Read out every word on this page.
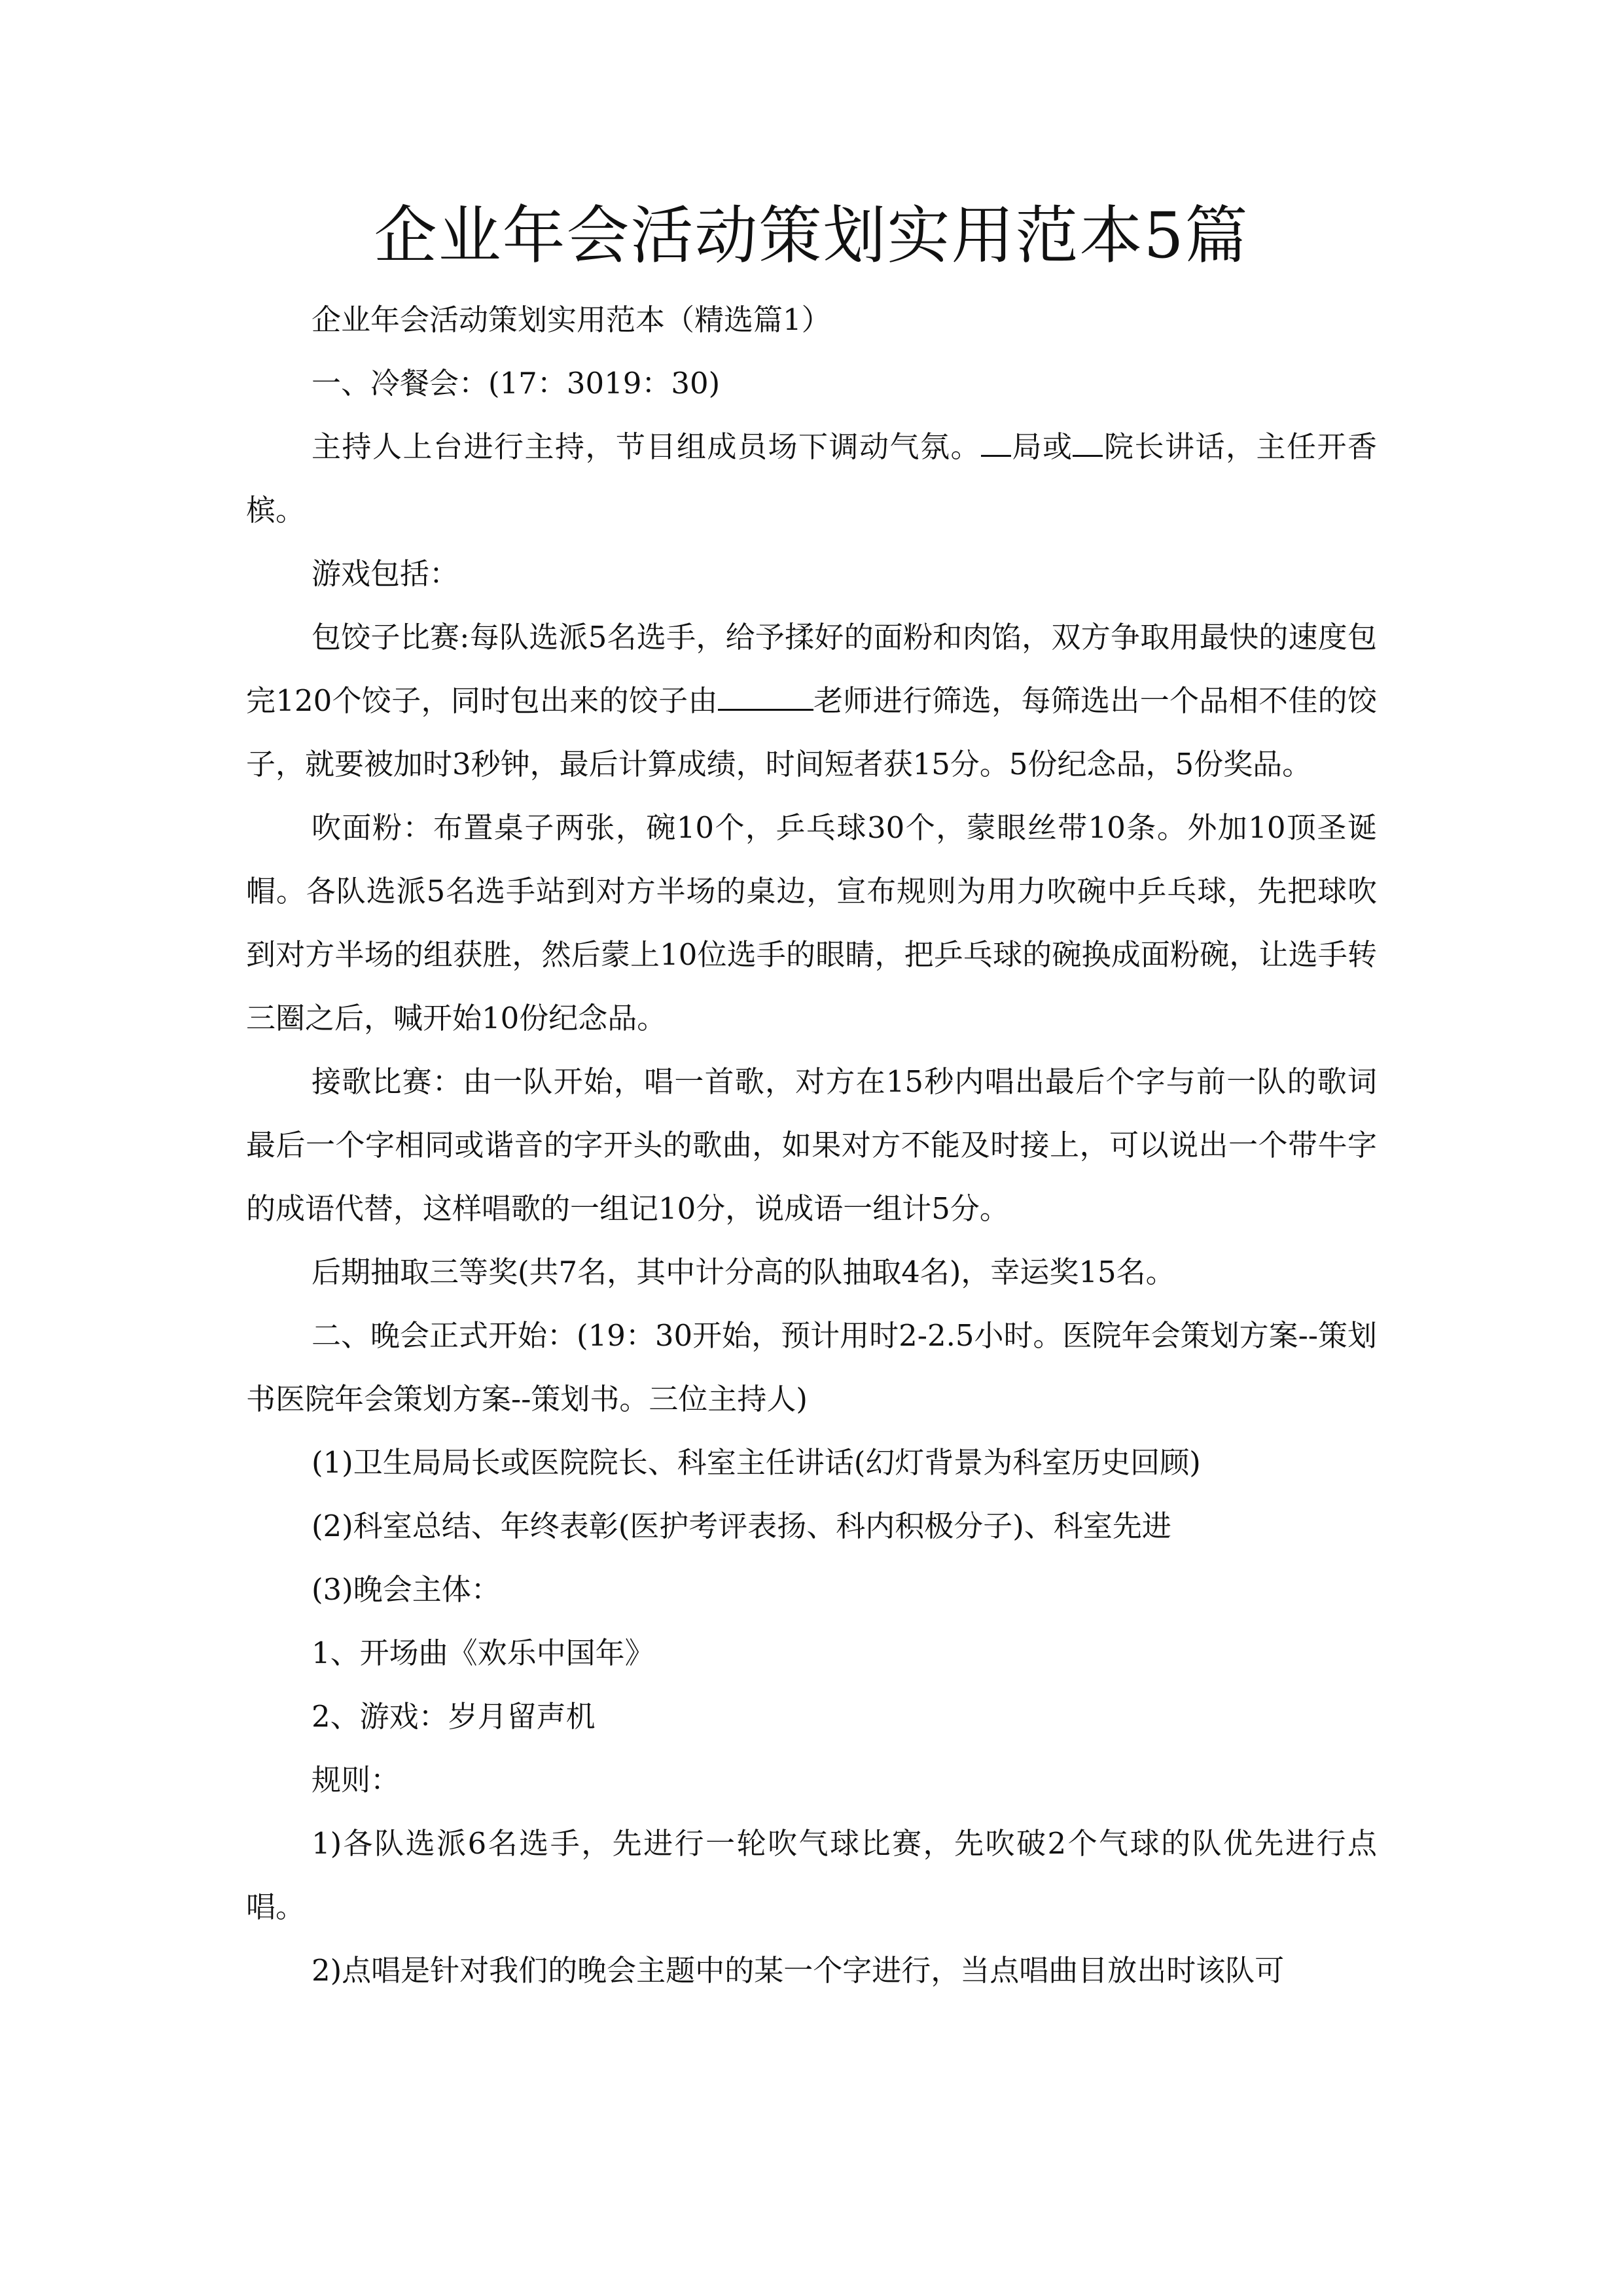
企业年会活动策划实用范本5篇

企业年会活动策划实用范本（精选篇1）

一、冷餐会：(17：3019：30)

主持人上台进行主持，节目组成员场下调动气氛。 局或 院长讲话，主任开香槟。

游戏包括：

包饺子比赛:每队选派5名选手，给予揉好的面粉和肉馅，双方争取用最快的速度包完120个饺子，同时包出来的饺子由	老师进行筛选，每筛选出一个品相不佳的饺子，就要被加时3秒钟，最后计算成绩，时间短者获15分。5份纪念品，5份奖品。

吹面粉：布置桌子两张，碗10个，乒乓球30个，蒙眼丝带10条。外加10顶圣诞帽。各队选派5名选手站到对方半场的桌边，宣布规则为用力吹碗中乒乓球，先把球吹到对方半场的组获胜，然后蒙上10位选手的眼睛，把乒乓球的碗换成面粉碗，让选手转三圈之后，喊开始10份纪念品。

接歌比赛：由一队开始，唱一首歌，对方在15秒内唱出最后个字与前一队的歌词最后一个字相同或谐音的字开头的歌曲，如果对方不能及时接上，可以说出一个带牛字的成语代替，这样唱歌的一组记10分，说成语一组计5分。

后期抽取三等奖(共7名，其中计分高的队抽取4名)，幸运奖15名。

二、晚会正式开始：(19：30开始，预计用时2-2.5小时。医院年会策划方案--策划书医院年会策划方案--策划书。三位主持人)

(1)卫生局局长或医院院长、科室主任讲话(幻灯背景为科室历史回顾)

(2)科室总结、年终表彰(医护考评表扬、科内积极分子)、科室先进

(3)晚会主体：

1、开场曲《欢乐中国年》

2、游戏：岁月留声机

规则：

1)各队选派6名选手，先进行一轮吹气球比赛，先吹破2个气球的队优先进行点唱。

2)点唱是针对我们的晚会主题中的某一个字进行，当点唱曲目放出时该队可
